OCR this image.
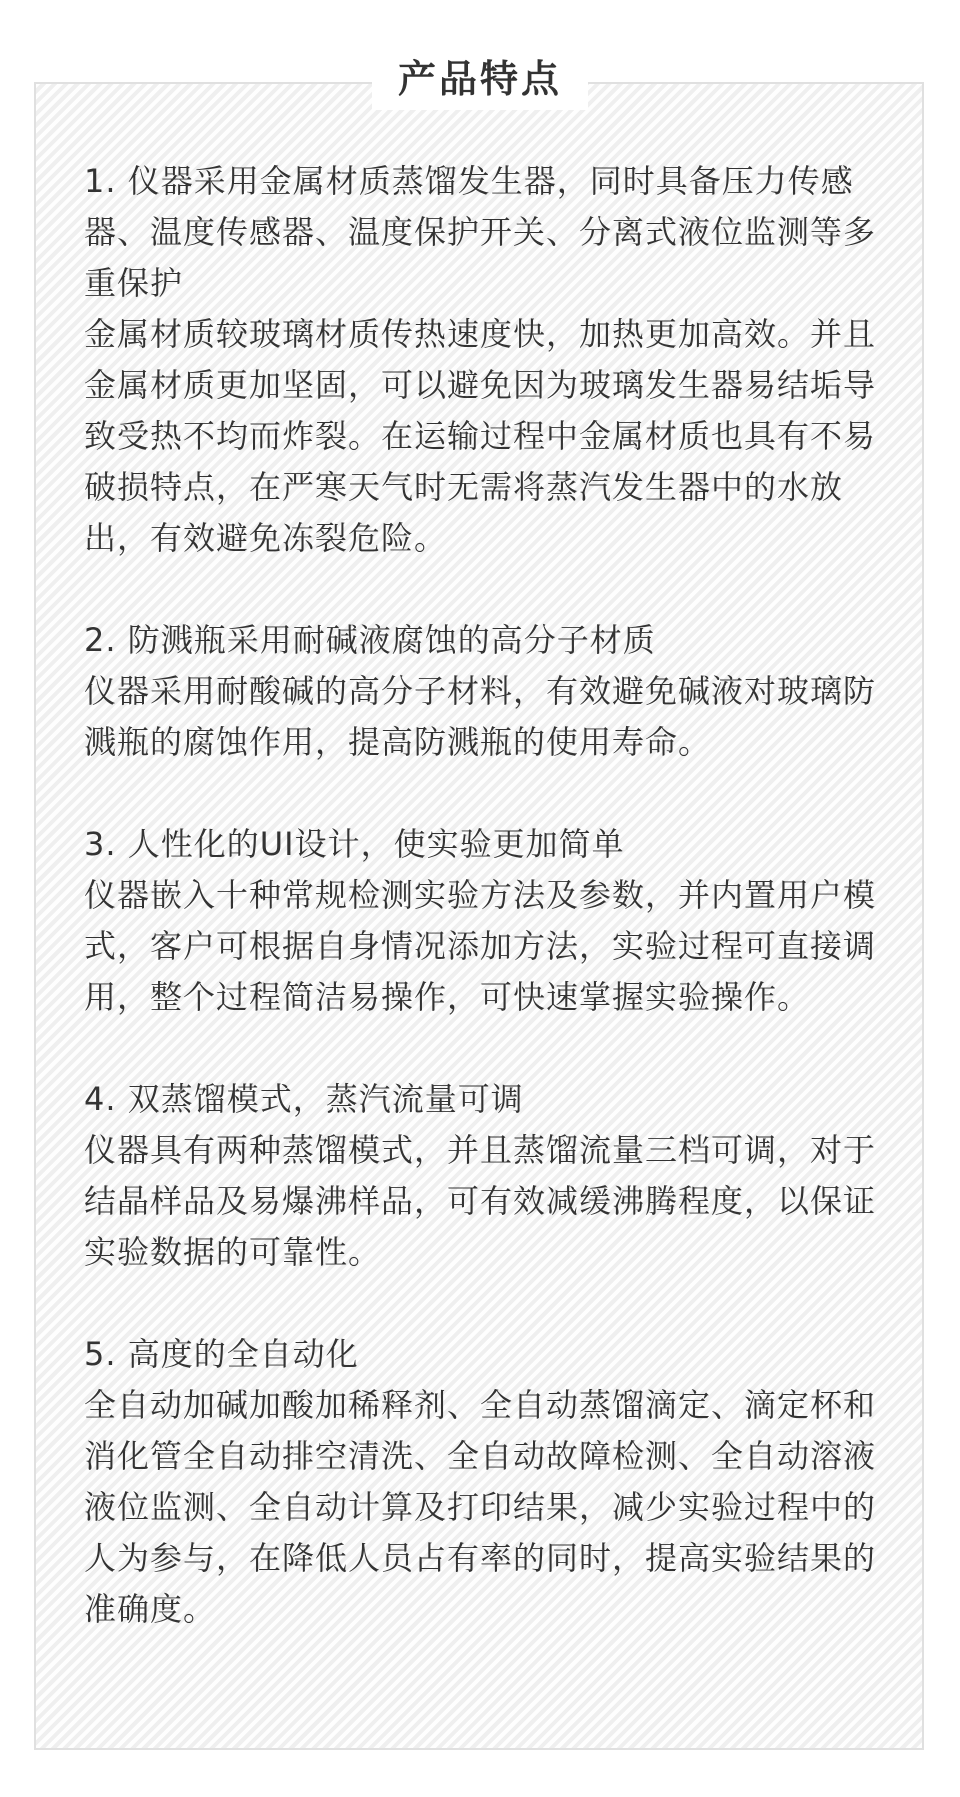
产品特点

1. 仪器采用金属材质蒸馏发生器，同时具备压力传感器、温度传感器、温度保护开关、分离式液位监测等多重保护

金属材质较玻璃材质传热速度快，加热更加高效。并且金属材质更加坚固，可以避免因为玻璃发生器易结垢导致受热不均而炸裂。在运输过程中金属材质也具有不易破损特点，在严寒天气时无需将蒸汽发生器中的水放出，有效避免冻裂危险。

2. 防溅瓶采用耐碱液腐蚀的高分子材质

仪器采用耐酸碱的高分子材料，有效避免碱液对玻璃防溅瓶的腐蚀作用，提高防溅瓶的使用寿命。

3. 人性化的UI设计，使实验更加简单

仪器嵌入十种常规检测实验方法及参数，并内置用户模式，客户可根据自身情况添加方法，实验过程可直接调用，整个过程简洁易操作，可快速掌握实验操作。

4. 双蒸馏模式，蒸汽流量可调

仪器具有两种蒸馏模式，并且蒸馏流量三档可调，对于结晶样品及易爆沸样品，可有效减缓沸腾程度，以保证实验数据的可靠性。

5. 高度的全自动化

全自动加碱加酸加稀释剂、全自动蒸馏滴定、滴定杯和消化管全自动排空清洗、全自动故障检测、全自动溶液液位监测、全自动计算及打印结果，减少实验过程中的人为参与，在降低人员占有率的同时，提高实验结果的准确度。
